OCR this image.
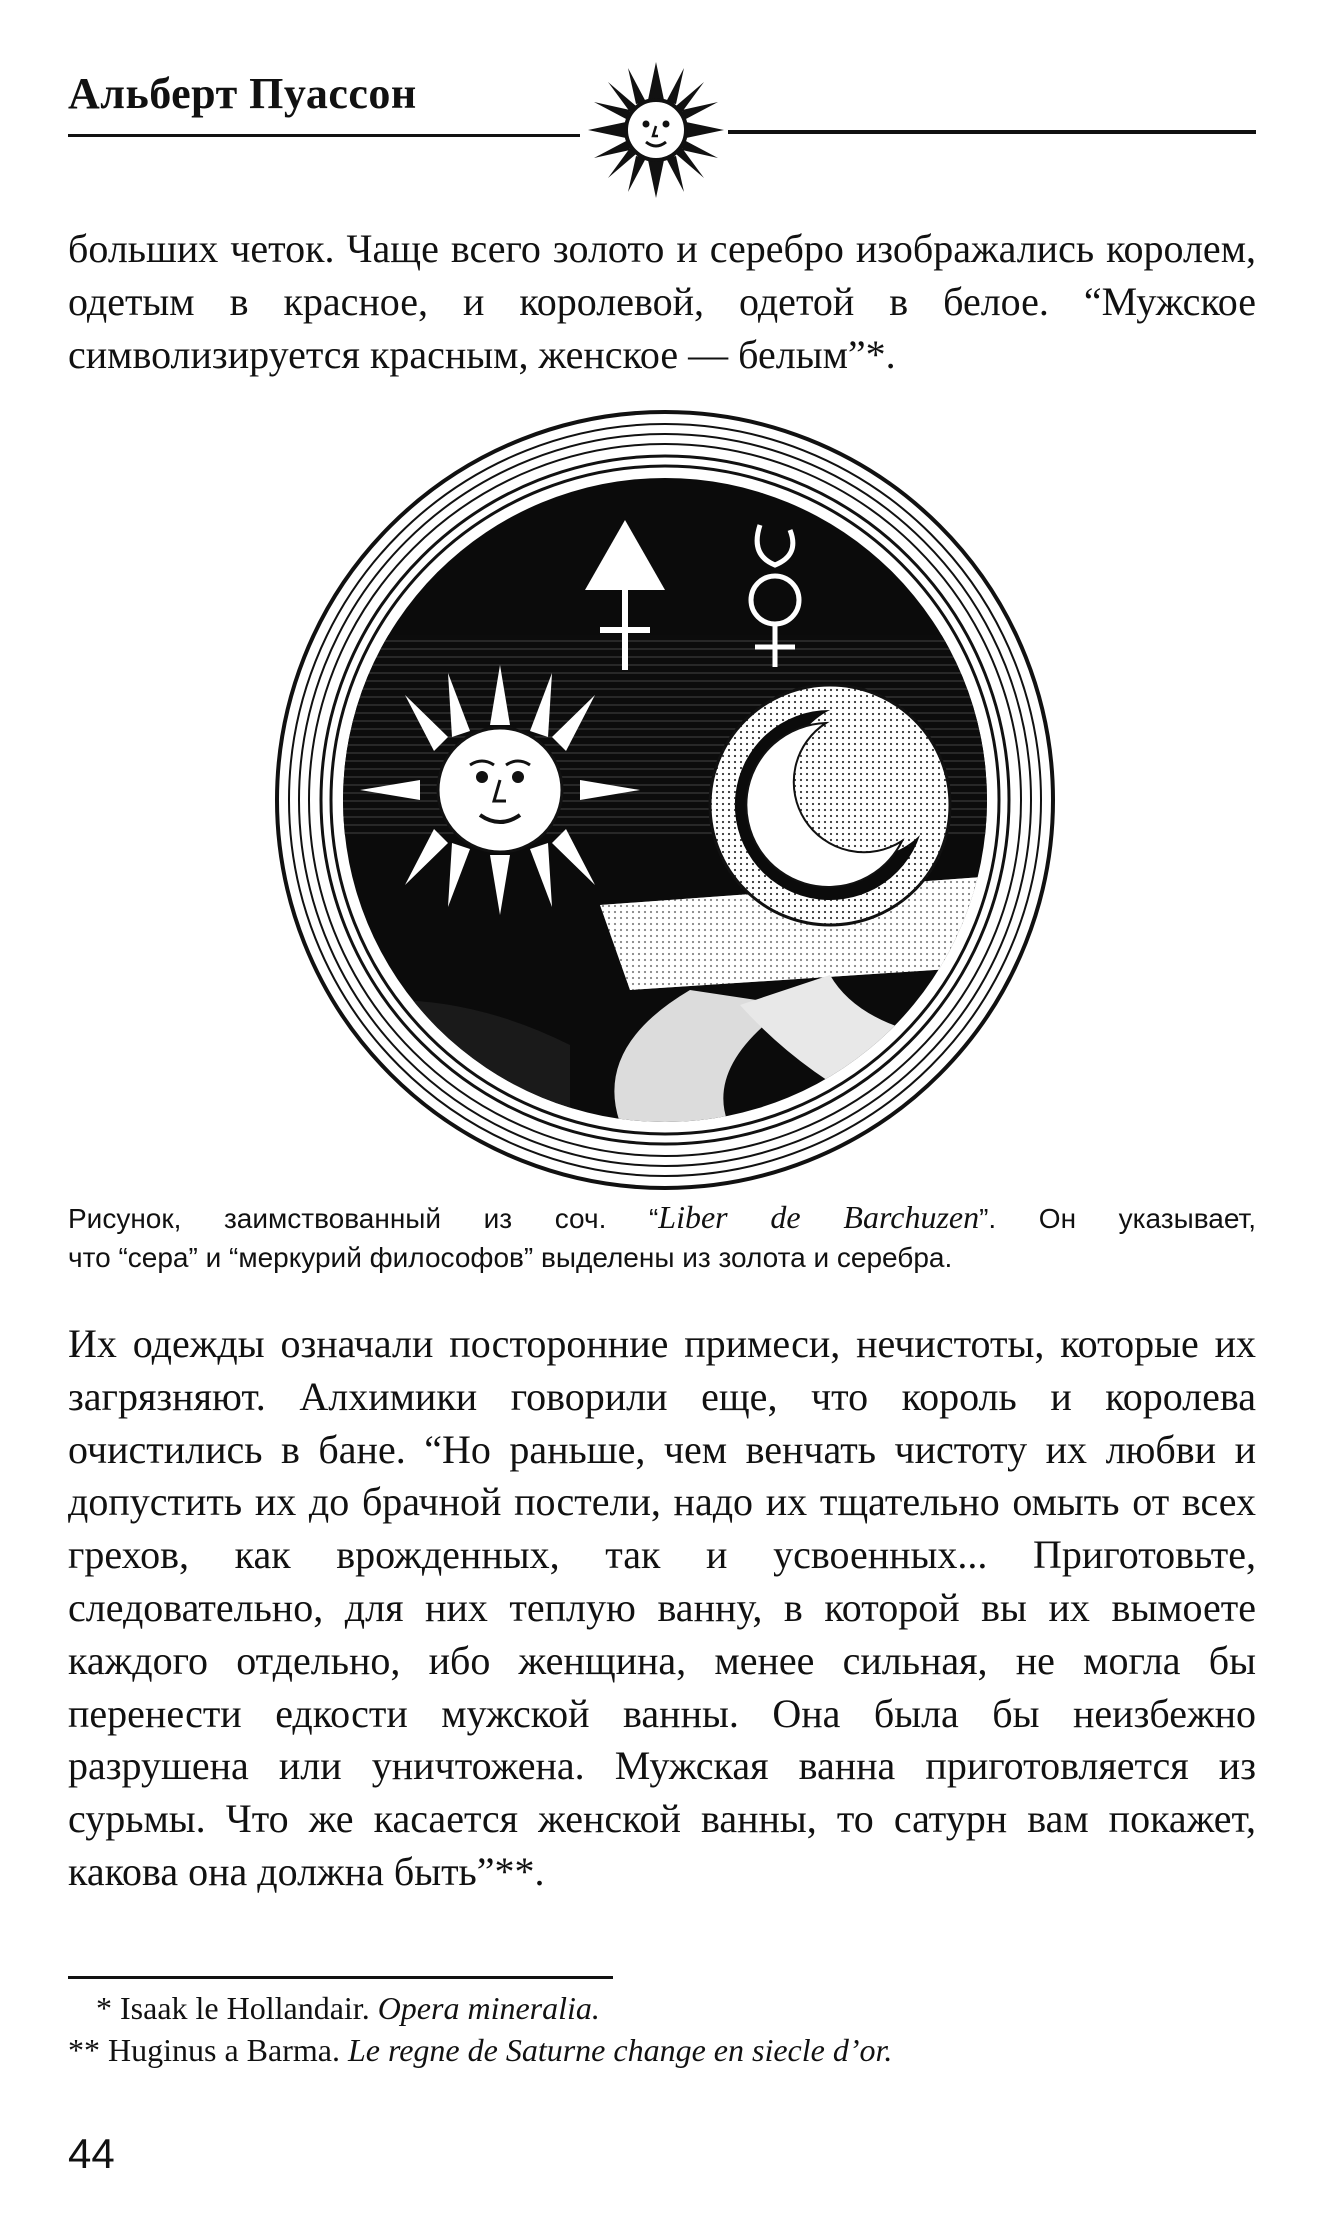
Альберт Пуассон

больших четок. Чаще всего золото и серебро изображались королем, одетым в красное, и королевой, одетой в белое. “Мужское символизируется красным, женское — белым”*.

Рисунок, заимствованный из соч. “Liber de Barchuzen”. Он указывает,
что “сера” и “меркурий философов” выделены из золота и серебра.

Их одежды означали посторонние примеси, нечистоты, которые их загрязняют. Алхимики говорили еще, что король и королева очистились в бане. “Но раньше, чем венчать чистоту их любви и допустить их до брачной постели, надо их тщательно омыть от всех грехов, как врожденных, так и усвоенных... Приготовьте, следовательно, для них теплую ванну, в которой вы их вымоете каждого отдельно, ибо женщина, менее сильная, не могла бы перенести едкости мужской ванны. Она была бы неизбежно разрушена или уничтожена. Мужская ванна приготовляется из сурьмы. Что же касается женской ванны, то сатурн вам покажет, какова она должна быть”**.

* Isaak le Hollandair. Opera mineralia.
** Huginus a Barma. Le regne de Saturne change en siecle d’or.
44
